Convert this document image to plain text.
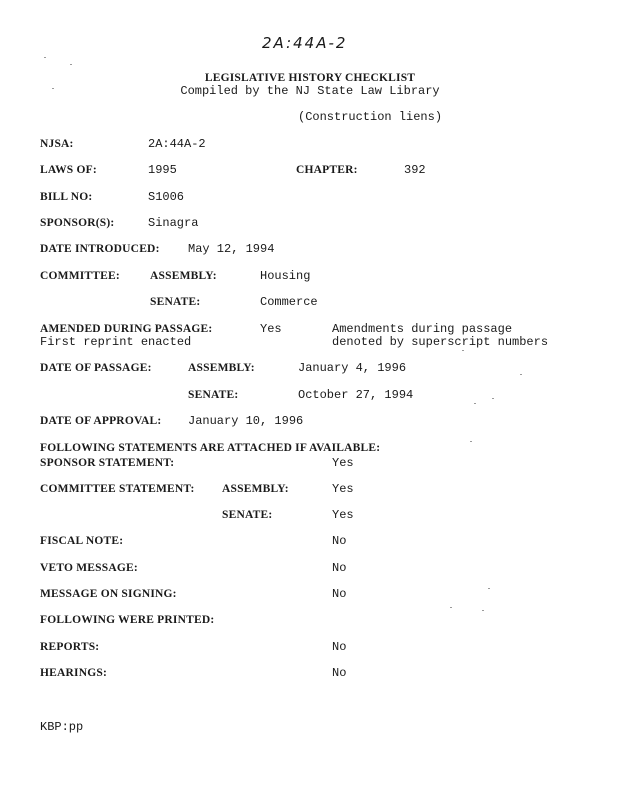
2A:44A-2
LEGISLATIVE HISTORY CHECKLIST
Compiled by the NJ State Law Library
(Construction liens)
NJSA:	2A:44A-2
LAWS OF:	1995	CHAPTER:	392
BILL NO:	S1006
SPONSOR(S):	Sinagra
DATE INTRODUCED: May 12, 1994
COMMITTEE:	ASSEMBLY:	Housing
SENATE:	Commerce
AMENDED DURING PASSAGE:	Yes	Amendments during passage
First reprint enacted	denoted by superscript numbers
DATE OF PASSAGE:	ASSEMBLY:	January 4, 1996
SENATE:	October 27, 1994
DATE OF APPROVAL: January 10, 1996
FOLLOWING STATEMENTS ARE ATTACHED IF AVAILABLE:
SPONSOR STATEMENT:	Yes
COMMITTEE STATEMENT: ASSEMBLY:	Yes
SENATE:	Yes
FISCAL NOTE:	No
VETO MESSAGE:	No
MESSAGE ON SIGNING:	No
FOLLOWING WERE PRINTED:
REPORTS:	No
HEARINGS:	No
KBP:pp
